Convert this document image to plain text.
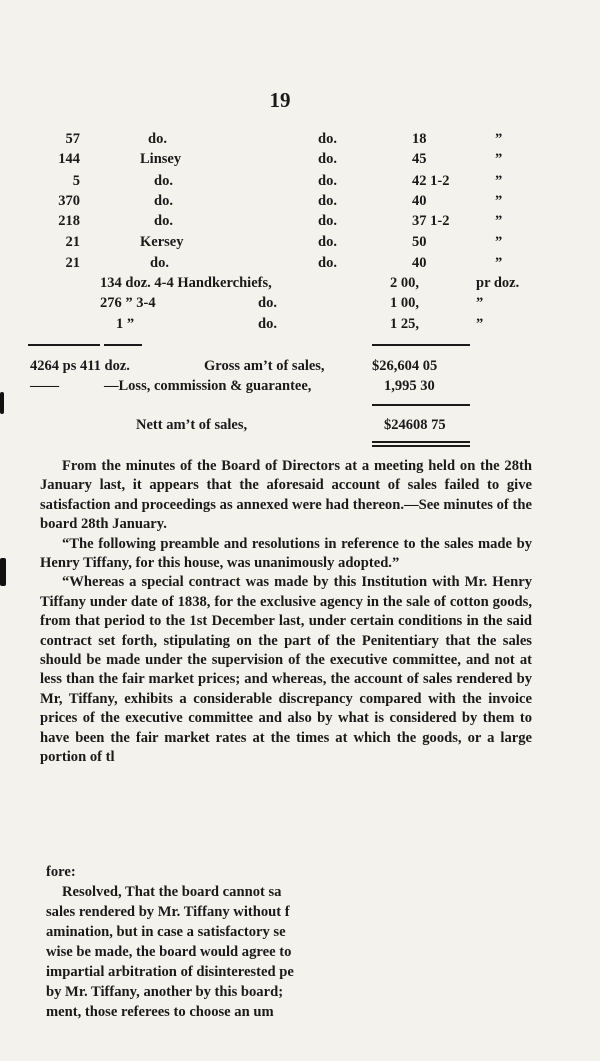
19
57	do.	do.	18	”
144	Linsey	do.	45	”
5	do.	do.	42 1-2	”
370	do.	do.	40	”
218	do.	do.	37 1-2	”
21	Kersey	do.	50	”
21	do.	do.	40	”
134 doz. 4-4 Handkerchiefs,	2 00,	pr doz.
276 ” 3-4	do.	1 00,	”
1 ”	do.	1 25,	”
4264 ps 411 doz.	Gross am’t of sales,	$26,604 05
——	—Loss, commission & guarantee,	1,995 30
Nett am’t of sales,	$24608 75

From the minutes of the Board of Directors at a meeting held on the 28th January last, it appears that the aforesaid account of sales failed to give satisfaction and proceedings as annexed were had thereon.—See minutes of the board 28th January.

“The following preamble and resolutions in reference to the sales made by Henry Tiffany, for this house, was unanimously adopted.”

“Whereas a special contract was made by this Institution with Mr. Henry Tiffany under date of 1838, for the exclusive agency in the sale of cotton goods, from that period to the 1st December last, under certain conditions in the said contract set forth, stipulating on the part of the Penitentiary that the sales should be made under the supervision of the executive committee, and not at less than the fair market prices; and whereas, the account of sales rendered by Mr, Tiffany, exhibits a considerable discrepancy compared with the invoice prices of the executive committee and also by what is considered by them to have been the fair market rates at the times at which the goods, or a large portion of tl

fore:
Resolved, That the board cannot sa
sales rendered by Mr. Tiffany without f
amination, but in case a satisfactory se
wise be made, the board would agree to
impartial arbitration of disinterested pe
by Mr. Tiffany, another by this board;
ment, those referees to choose an um
